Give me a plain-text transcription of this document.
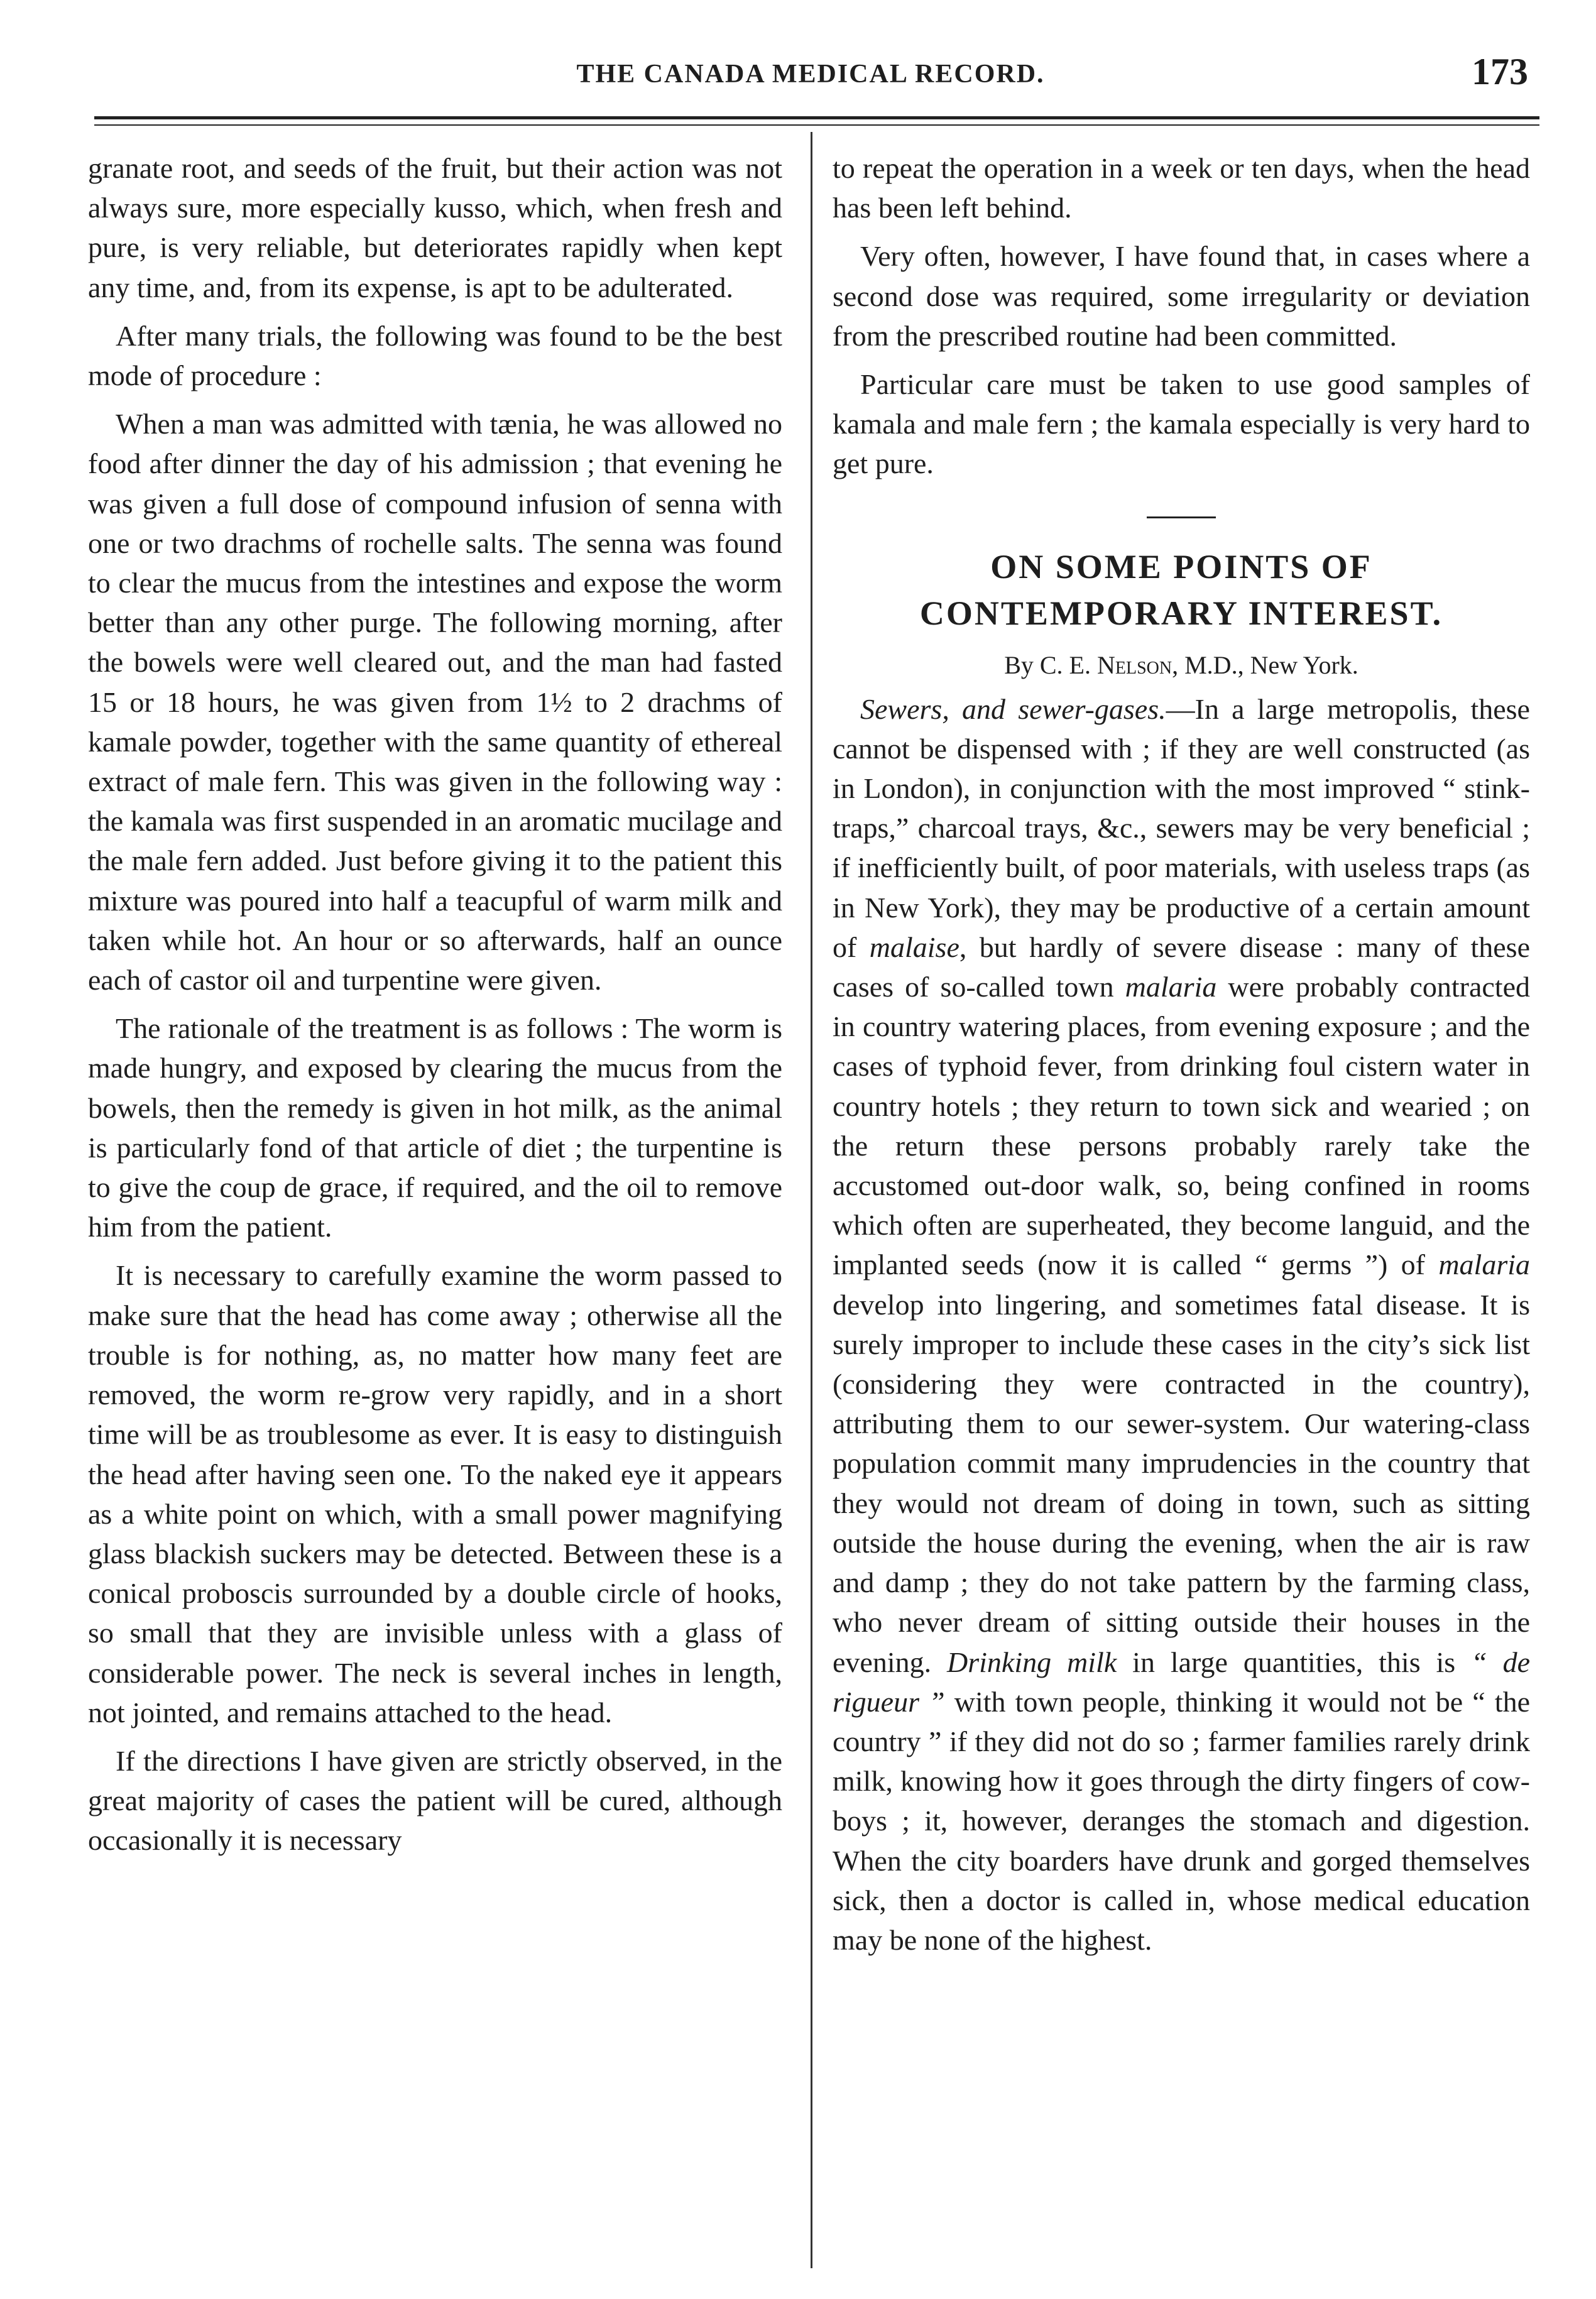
THE CANADA MEDICAL RECORD.	173

granate root, and seeds of the fruit, but their action was not always sure, more especially kusso, which, when fresh and pure, is very reliable, but deteriorates rapidly when kept any time, and, from its expense, is apt to be adulterated.

After many trials, the following was found to be the best mode of procedure :

When a man was admitted with tænia, he was allowed no food after dinner the day of his admission ; that evening he was given a full dose of compound infusion of senna with one or two drachms of rochelle salts. The senna was found to clear the mucus from the intestines and expose the worm better than any other purge. The following morning, after the bowels were well cleared out, and the man had fasted 15 or 18 hours, he was given from 1½ to 2 drachms of kamale powder, together with the same quantity of ethereal extract of male fern. This was given in the following way : the kamala was first suspended in an aromatic mucilage and the male fern added. Just before giving it to the patient this mixture was poured into half a teacupful of warm milk and taken while hot. An hour or so afterwards, half an ounce each of castor oil and turpentine were given.

The rationale of the treatment is as follows : The worm is made hungry, and exposed by clearing the mucus from the bowels, then the remedy is given in hot milk, as the animal is particularly fond of that article of diet ; the turpentine is to give the coup de grace, if required, and the oil to remove him from the patient.

It is necessary to carefully examine the worm passed to make sure that the head has come away ; otherwise all the trouble is for nothing, as, no matter how many feet are removed, the worm re-grow very rapidly, and in a short time will be as troublesome as ever. It is easy to distinguish the head after having seen one. To the naked eye it appears as a white point on which, with a small power magnifying glass blackish suckers may be detected. Between these is a conical proboscis surrounded by a double circle of hooks, so small that they are invisible unless with a glass of considerable power. The neck is several inches in length, not jointed, and remains attached to the head.

If the directions I have given are strictly observed, in the great majority of cases the patient will be cured, although occasionally it is necessary

to repeat the operation in a week or ten days, when the head has been left behind.

Very often, however, I have found that, in cases where a second dose was required, some irregularity or deviation from the prescribed routine had been committed.

Particular care must be taken to use good samples of kamala and male fern ; the kamala especially is very hard to get pure.

ON SOME POINTS OF CONTEMPORARY INTEREST.
By C. E. Nelson, M.D., New York.

Sewers, and sewer-gases.—In a large metropolis, these cannot be dispensed with ; if they are well constructed (as in London), in conjunction with the most improved “ stink-traps,” charcoal trays, &c., sewers may be very beneficial ; if inefficiently built, of poor materials, with useless traps (as in New York), they may be productive of a certain amount of malaise, but hardly of severe disease : many of these cases of so-called town malaria were probably contracted in country watering places, from evening exposure ; and the cases of typhoid fever, from drinking foul cistern water in country hotels ; they return to town sick and wearied ; on the return these persons probably rarely take the accustomed out-door walk, so, being confined in rooms which often are superheated, they become languid, and the implanted seeds (now it is called “ germs ”) of malaria develop into lingering, and sometimes fatal disease. It is surely improper to include these cases in the city’s sick list (considering they were contracted in the country), attributing them to our sewer-system. Our watering-class population commit many imprudencies in the country that they would not dream of doing in town, such as sitting outside the house during the evening, when the air is raw and damp ; they do not take pattern by the farming class, who never dream of sitting outside their houses in the evening. Drinking milk in large quantities, this is “ de rigueur ” with town people, thinking it would not be “ the country ” if they did not do so ; farmer families rarely drink milk, knowing how it goes through the dirty fingers of cow-boys ; it, however, deranges the stomach and digestion. When the city boarders have drunk and gorged themselves sick, then a doctor is called in, whose medical education may be none of the highest.
